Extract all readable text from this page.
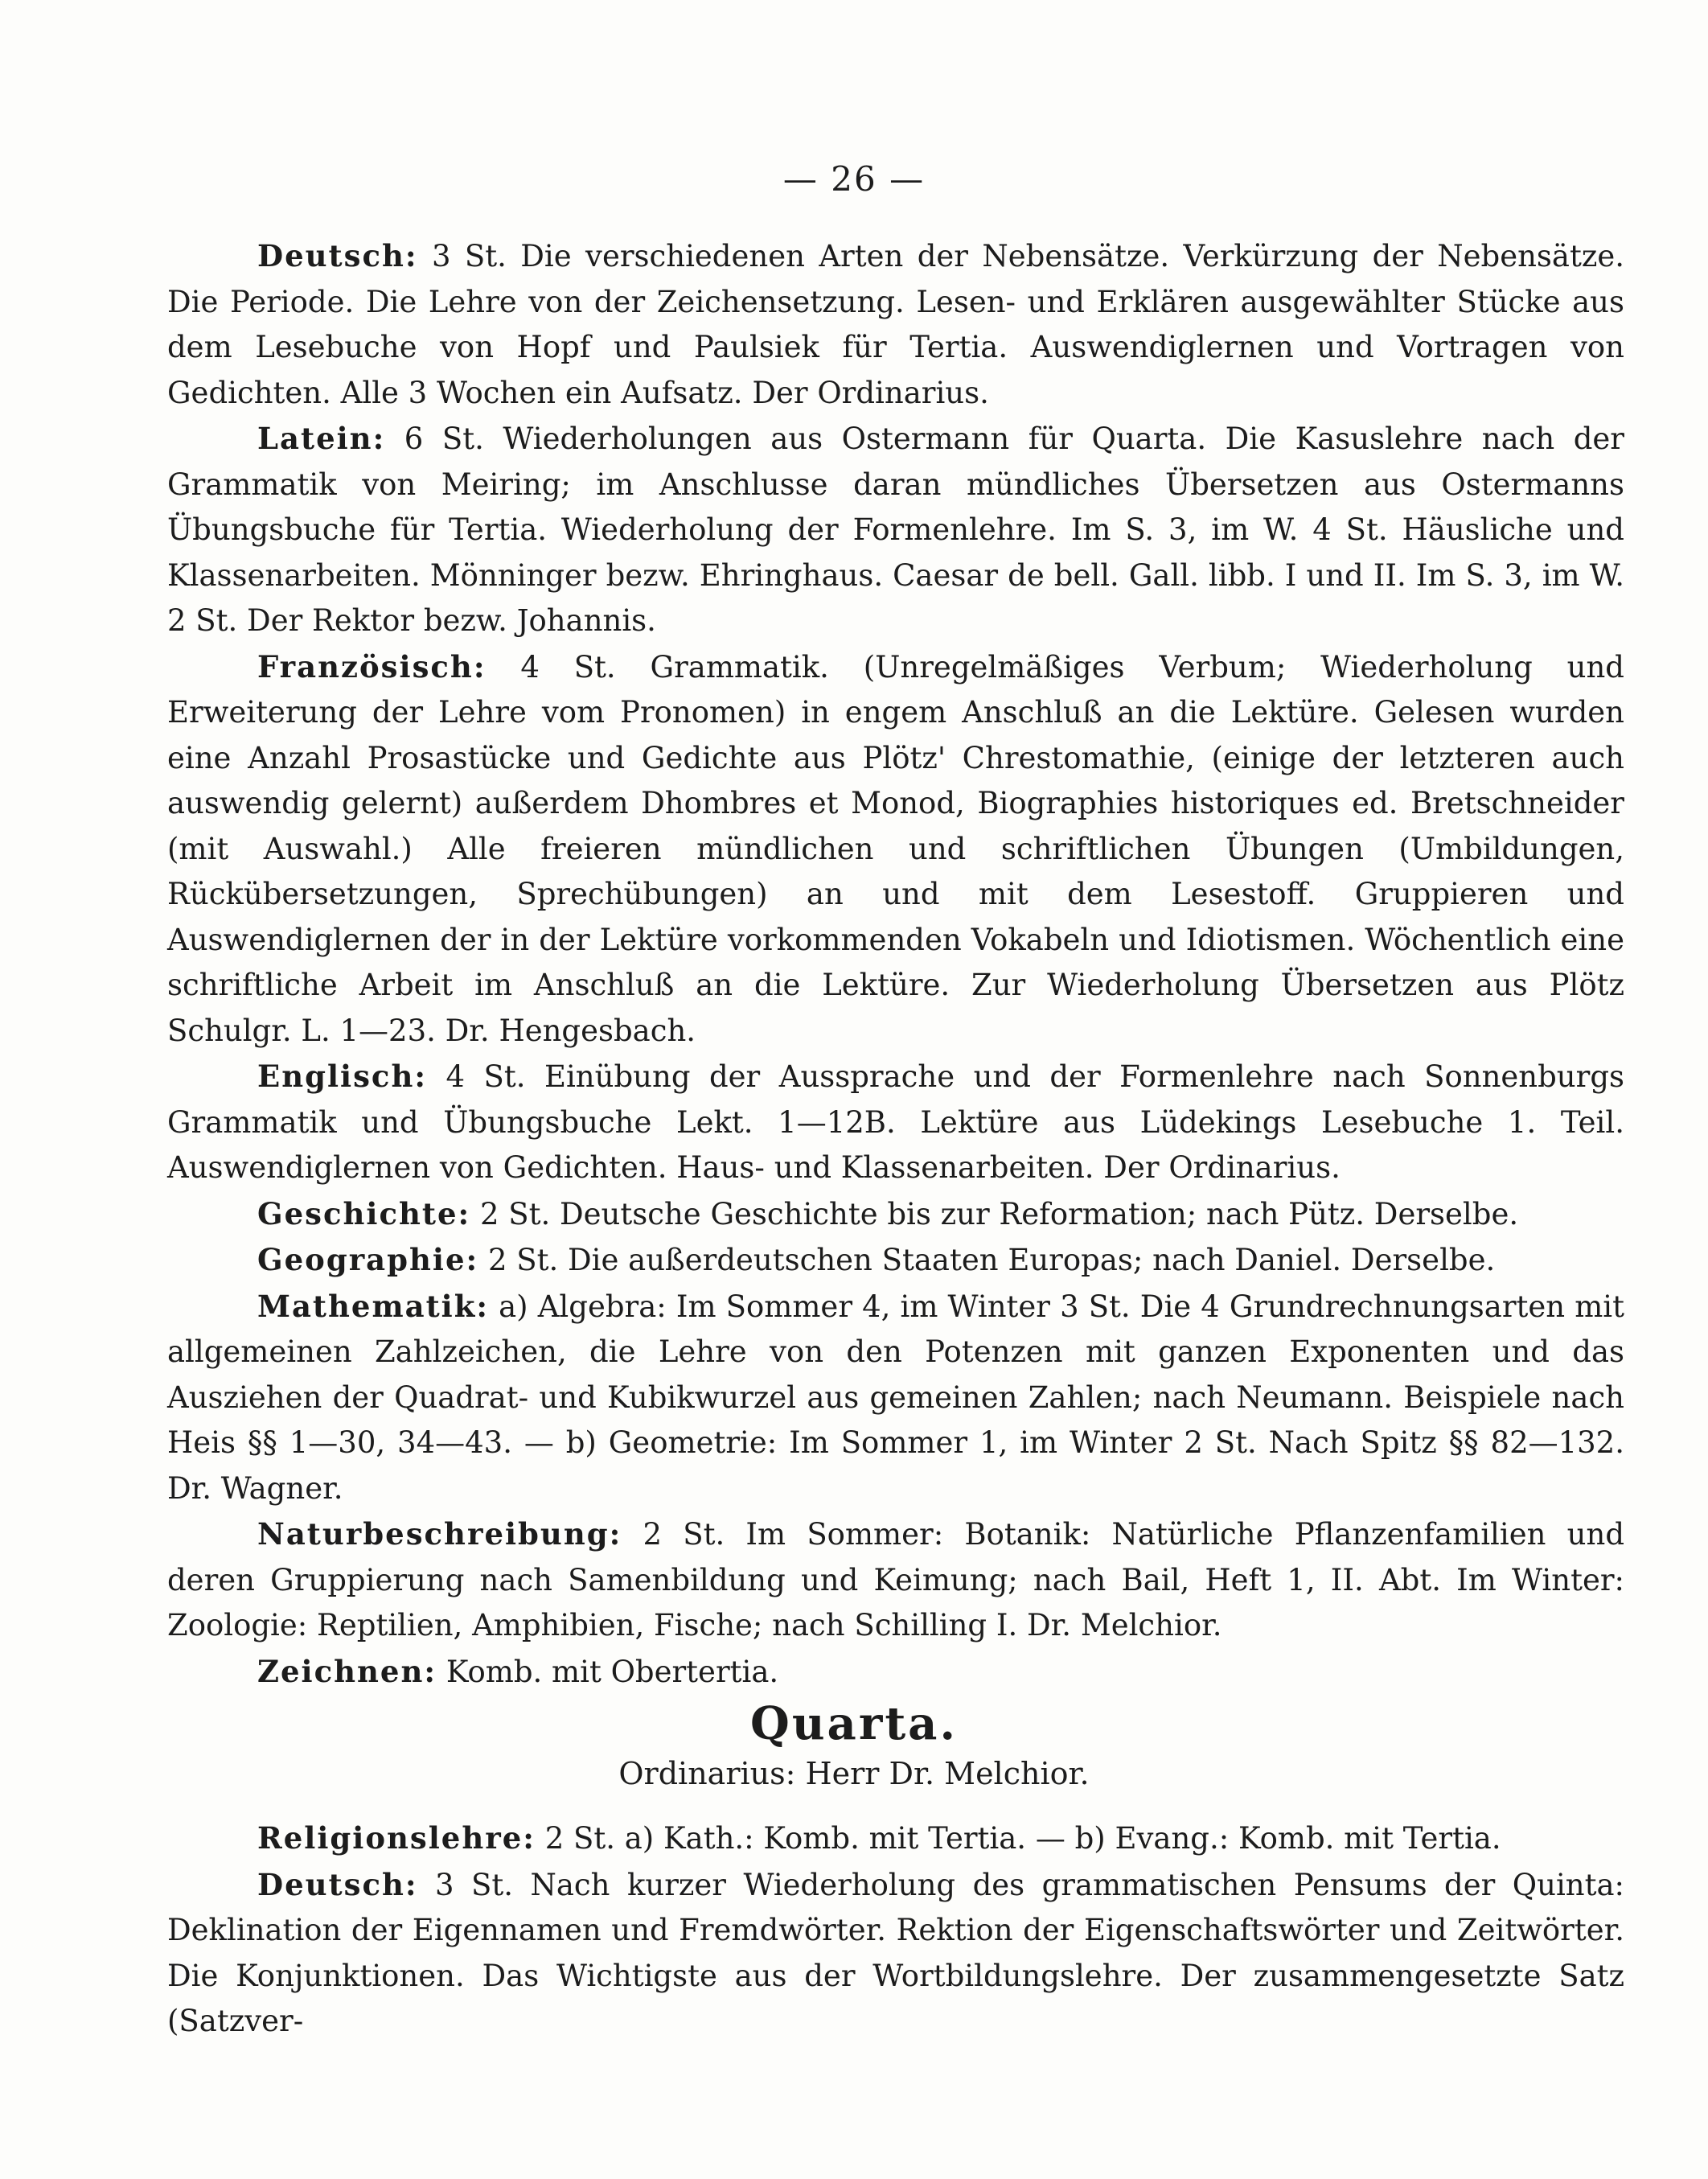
— 26 —

Deutsch: 3 St. Die verschiedenen Arten der Nebensätze. Verkürzung der Nebensätze. Die Periode. Die Lehre von der Zeichensetzung. Lesen- und Erklären ausgewählter Stücke aus dem Lesebuche von Hopf und Paulsiek für Tertia. Auswendiglernen und Vortragen von Gedichten. Alle 3 Wochen ein Aufsatz. Der Ordinarius.

Latein: 6 St. Wiederholungen aus Ostermann für Quarta. Die Kasuslehre nach der Grammatik von Meiring; im Anschlusse daran mündliches Übersetzen aus Ostermanns Übungsbuche für Tertia. Wiederholung der Formenlehre. Im S. 3, im W. 4 St. Häusliche und Klassenarbeiten. Mönninger bezw. Ehringhaus. Caesar de bell. Gall. libb. I und II. Im S. 3, im W. 2 St. Der Rektor bezw. Johannis.

Französisch: 4 St. Grammatik. (Unregelmäßiges Verbum; Wiederholung und Erweiterung der Lehre vom Pronomen) in engem Anschluß an die Lektüre. Gelesen wurden eine Anzahl Prosastücke und Gedichte aus Plötz' Chrestomathie, (einige der letzteren auch auswendig gelernt) außerdem Dhombres et Monod, Biographies historiques ed. Bretschneider (mit Auswahl.) Alle freieren mündlichen und schriftlichen Übungen (Umbildungen, Rückübersetzungen, Sprechübungen) an und mit dem Lesestoff. Gruppieren und Auswendiglernen der in der Lektüre vorkommenden Vokabeln und Idiotismen. Wöchentlich eine schriftliche Arbeit im Anschluß an die Lektüre. Zur Wiederholung Übersetzen aus Plötz Schulgr. L. 1—23. Dr. Hengesbach.

Englisch: 4 St. Einübung der Aussprache und der Formenlehre nach Sonnenburgs Grammatik und Übungsbuche Lekt. 1—12B. Lektüre aus Lüdekings Lesebuche 1. Teil. Auswendiglernen von Gedichten. Haus- und Klassenarbeiten. Der Ordinarius.

Geschichte: 2 St. Deutsche Geschichte bis zur Reformation; nach Pütz. Derselbe.

Geographie: 2 St. Die außerdeutschen Staaten Europas; nach Daniel. Derselbe.

Mathematik: a) Algebra: Im Sommer 4, im Winter 3 St. Die 4 Grundrechnungsarten mit allgemeinen Zahlzeichen, die Lehre von den Potenzen mit ganzen Exponenten und das Ausziehen der Quadrat- und Kubikwurzel aus gemeinen Zahlen; nach Neumann. Beispiele nach Heis §§ 1—30, 34—43. — b) Geometrie: Im Sommer 1, im Winter 2 St. Nach Spitz §§ 82—132. Dr. Wagner.

Naturbeschreibung: 2 St. Im Sommer: Botanik: Natürliche Pflanzenfamilien und deren Gruppierung nach Samenbildung und Keimung; nach Bail, Heft 1, II. Abt. Im Winter: Zoologie: Reptilien, Amphibien, Fische; nach Schilling I. Dr. Melchior.

Zeichnen: Komb. mit Obertertia.

Quarta.
Ordinarius: Herr Dr. Melchior.

Religionslehre: 2 St. a) Kath.: Komb. mit Tertia. — b) Evang.: Komb. mit Tertia.

Deutsch: 3 St. Nach kurzer Wiederholung des grammatischen Pensums der Quinta: Deklination der Eigennamen und Fremdwörter. Rektion der Eigenschaftswörter und Zeitwörter. Die Konjunktionen. Das Wichtigste aus der Wortbildungslehre. Der zusammengesetzte Satz (Satzver-
